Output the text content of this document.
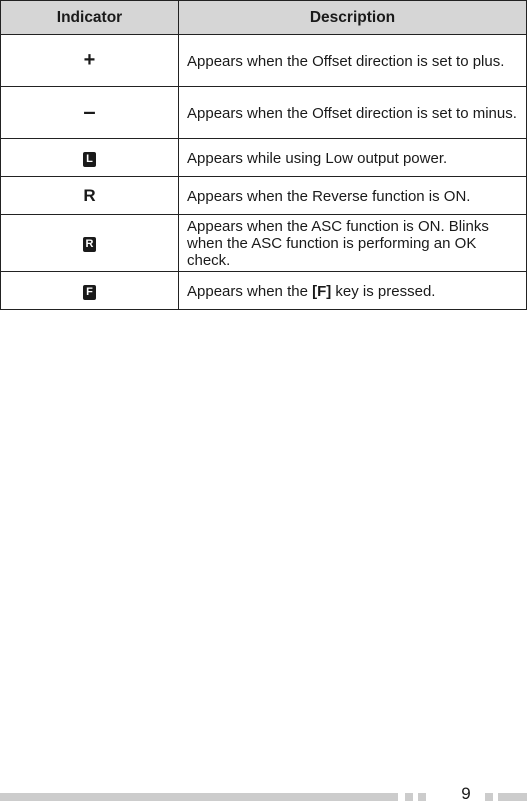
Indicator	Description
+	Appears when the Offset direction is set to plus.
–	Appears when the Offset direction is set to minus.
L	Appears while using Low output power.
R	Appears when the Reverse function is ON.
R	Appears when the ASC function is ON. Blinks when the ASC function is performing an OK check.
F	Appears when the [F] key is pressed.
9
